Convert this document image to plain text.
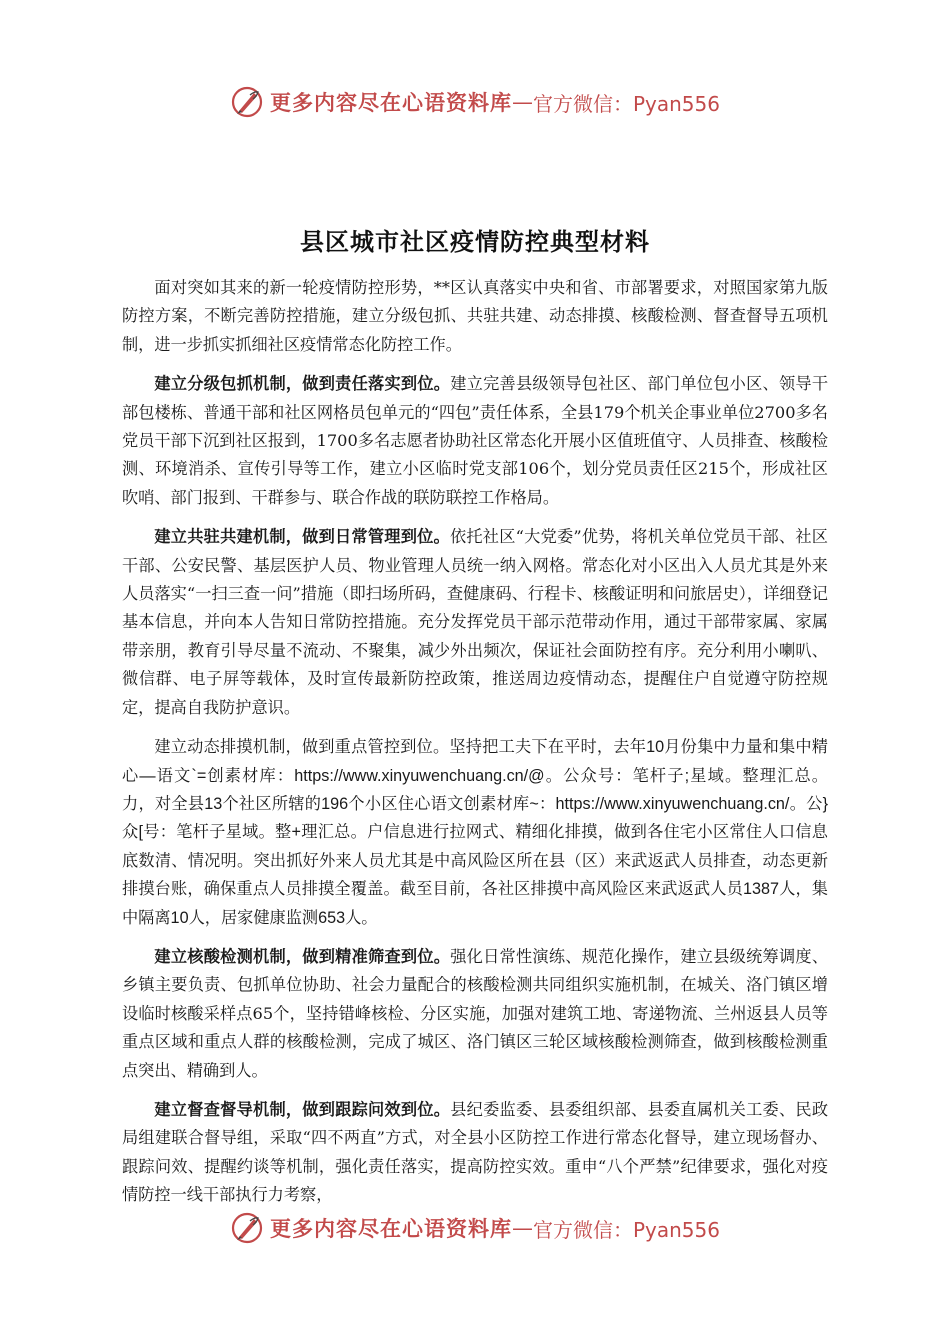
更多内容尽在心语资料库 — 官方微信：Pyan556
县区城市社区疫情防控典型材料

面对突如其来的新一轮疫情防控形势，**区认真落实中央和省、市部署要求，对照国家第九版防控方案，不断完善防控措施，建立分级包抓、共驻共建、动态排摸、核酸检测、督查督导五项机制，进一步抓实抓细社区疫情常态化防控工作。

建立分级包抓机制，做到责任落实到位。建立完善县级领导包社区、部门单位包小区、领导干部包楼栋、普通干部和社区网格员包单元的“四包”责任体系，全县179个机关企事业单位2700多名党员干部下沉到社区报到，1700多名志愿者协助社区常态化开展小区值班值守、人员排查、核酸检测、环境消杀、宣传引导等工作，建立小区临时党支部106个，划分党员责任区215个，形成社区吹哨、部门报到、干群参与、联合作战的联防联控工作格局。

建立共驻共建机制，做到日常管理到位。依托社区“大党委”优势，将机关单位党员干部、社区干部、公安民警、基层医护人员、物业管理人员统一纳入网格。常态化对小区出入人员尤其是外来人员落实“一扫三查一问”措施（即扫场所码，查健康码、行程卡、核酸证明和问旅居史），详细登记基本信息，并向本人告知日常防控措施。充分发挥党员干部示范带动作用，通过干部带家属、家属带亲朋，教育引导尽量不流动、不聚集，减少外出频次，保证社会面防控有序。充分利用小喇叭、微信群、电子屏等载体，及时宣传最新防控政策，推送周边疫情动态，提醒住户自觉遵守防控规定，提高自我防护意识。

建立动态排摸机制，做到重点管控到位。坚持把工夫下在平时，去年10月份集中力量和集中精心—语文`=创素材库：https://www.xinyuwenchuang.cn/@。公众号：笔杆子;星域。整理汇总。力，对全县13个社区所辖的196个小区住心语文创素材库~：https://www.xinyuwenchuang.cn/。公}众[号：笔杆子星域。整+理汇总。户信息进行拉网式、精细化排摸，做到各住宅小区常住人口信息底数清、情况明。突出抓好外来人员尤其是中高风险区所在县（区）来武返武人员排查，动态更新排摸台账，确保重点人员排摸全覆盖。截至目前，各社区排摸中高风险区来武返武人员1387人，集中隔离10人，居家健康监测653人。

建立核酸检测机制，做到精准筛查到位。强化日常性演练、规范化操作，建立县级统筹调度、乡镇主要负责、包抓单位协助、社会力量配合的核酸检测共同组织实施机制，在城关、洛门镇区增设临时核酸采样点65个，坚持错峰核检、分区实施，加强对建筑工地、寄递物流、兰州返县人员等重点区域和重点人群的核酸检测，完成了城区、洛门镇区三轮区域核酸检测筛查，做到核酸检测重点突出、精确到人。

建立督查督导机制，做到跟踪问效到位。县纪委监委、县委组织部、县委直属机关工委、民政局组建联合督导组，采取“四不两直”方式，对全县小区防控工作进行常态化督导，建立现场督办、跟踪问效、提醒约谈等机制，强化责任落实，提高防控实效。重申“八个严禁”纪律要求，强化对疫情防控一线干部执行力考察，

更多内容尽在心语资料库 — 官方微信：Pyan556
